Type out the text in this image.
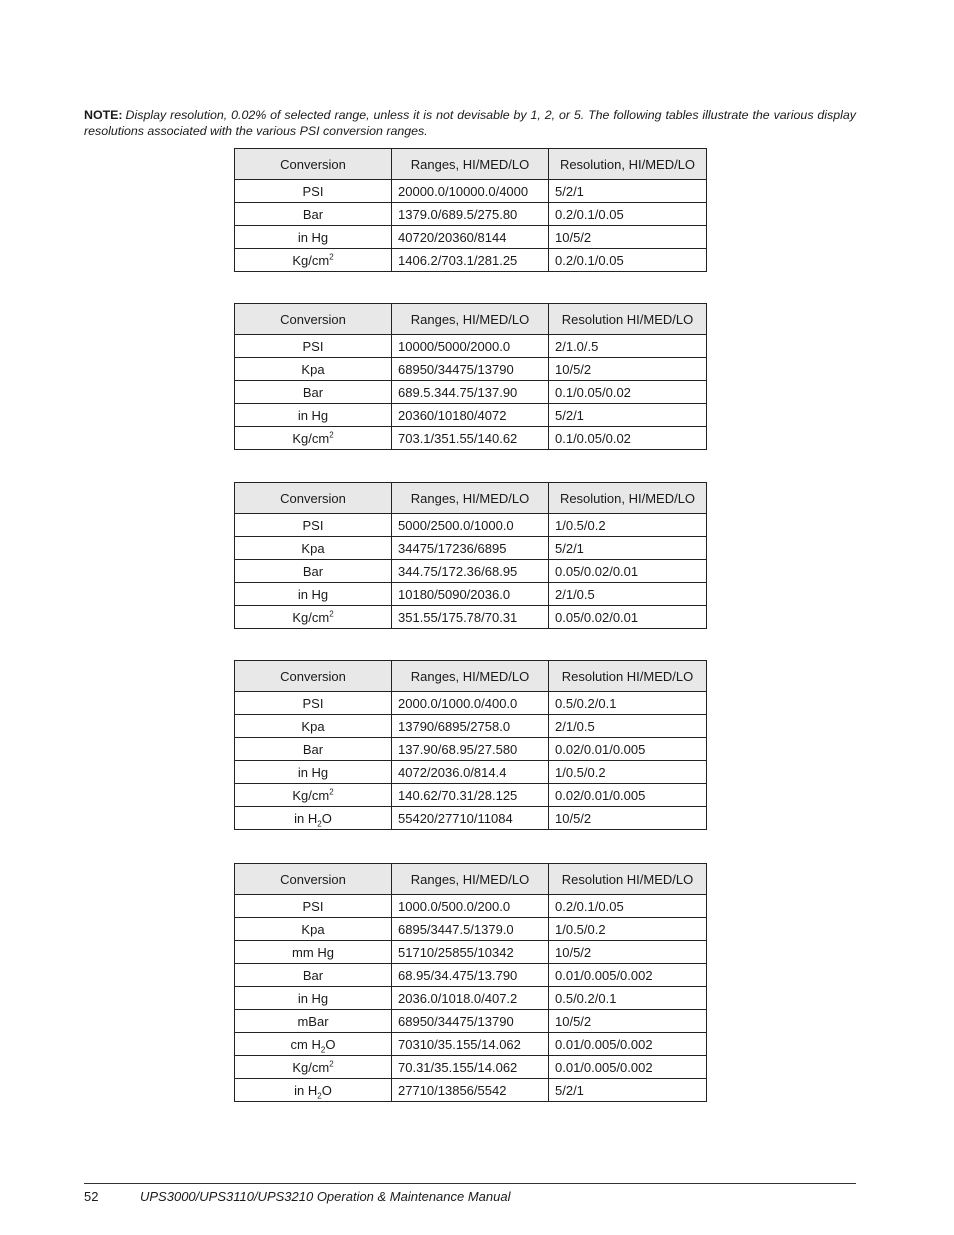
NOTE: Display resolution, 0.02% of selected range, unless it is not devisable by 1, 2, or 5. The following tables illustrate the various display resolutions associated with the various PSI conversion ranges.

Conversion	Ranges, HI/MED/LO	Resolution, HI/MED/LO
PSI	20000.0/10000.0/4000	5/2/1
Bar	1379.0/689.5/275.80	0.2/0.1/0.05
in Hg	40720/20360/8144	10/5/2
$Kg/cm^2$	1406.2/703.1/281.25	0.2/0.1/0.05
Conversion	Ranges, HI/MED/LO	Resolution HI/MED/LO
PSI	10000/5000/2000.0	2/1.0/.5
Kpa	68950/34475/13790	10/5/2
Bar	689.5.344.75/137.90	0.1/0.05/0.02
in Hg	20360/10180/4072	5/2/1
$Kg/cm^2$	703.1/351.55/140.62	0.1/0.05/0.02
Conversion	Ranges, HI/MED/LO	Resolution, HI/MED/LO
PSI	5000/2500.0/1000.0	1/0.5/0.2
Kpa	34475/17236/6895	5/2/1
Bar	344.75/172.36/68.95	0.05/0.02/0.01
in Hg	10180/5090/2036.0	2/1/0.5
$Kg/cm^2$	351.55/175.78/70.31	0.05/0.02/0.01
Conversion	Ranges, HI/MED/LO	Resolution HI/MED/LO
PSI	2000.0/1000.0/400.0	0.5/0.2/0.1
Kpa	13790/6895/2758.0	2/1/0.5
Bar	137.90/68.95/27.580	0.02/0.01/0.005
in Hg	4072/2036.0/814.4	1/0.5/0.2
$Kg/cm^2$	140.62/70.31/28.125	0.02/0.01/0.005
in $H_2O$	55420/27710/11084	10/5/2
Conversion	Ranges, HI/MED/LO	Resolution HI/MED/LO
PSI	1000.0/500.0/200.0	0.2/0.1/0.05
Kpa	6895/3447.5/1379.0	1/0.5/0.2
mm Hg	51710/25855/10342	10/5/2
Bar	68.95/34.475/13.790	0.01/0.005/0.002
in Hg	2036.0/1018.0/407.2	0.5/0.2/0.1
mBar	68950/34475/13790	10/5/2
cm $H_2O$	70310/35.155/14.062	0.01/0.005/0.002
$Kg/cm^2$	70.31/35.155/14.062	0.01/0.005/0.002
in $H_2O$	27710/13856/5542	5/2/1
52	UPS3000/UPS3110/UPS3210 Operation & Maintenance Manual
